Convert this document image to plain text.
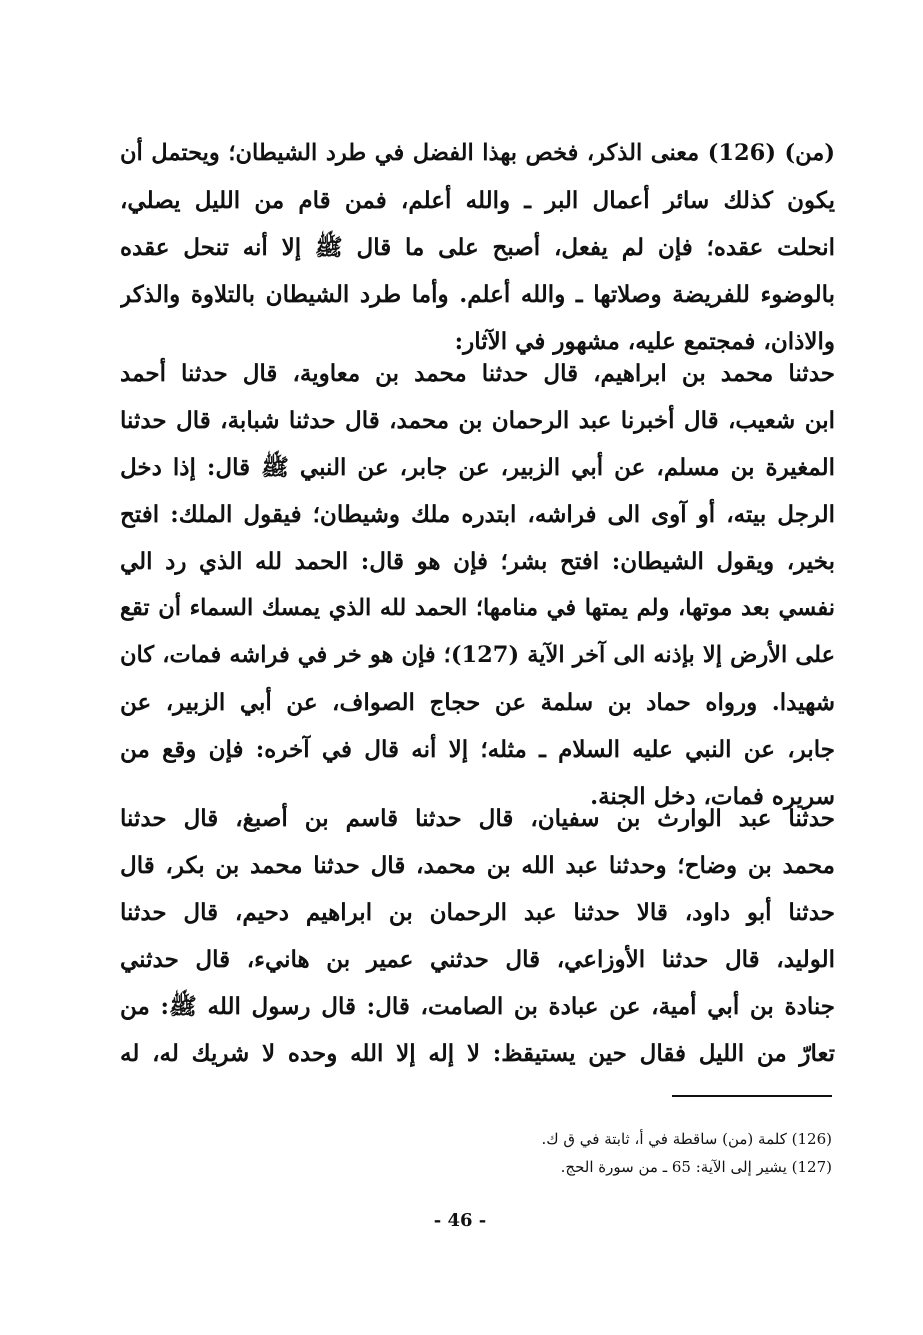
(من) (126) معنى الذكر، فخص بهذا الفضل في طرد الشيطان؛ ويحتمل أن
يكون كذلك سائر أعمال البر ـ والله أعلم، فمن قام من الليل يصلي،
انحلت عقده؛ فإن لم يفعل، أصبح على ما قال ﷺ إلا أنه تنحل عقده
بالوضوء للفريضة وصلاتها ـ والله أعلم. وأما طرد الشيطان بالتلاوة والذكر
والاذان، فمجتمع عليه، مشهور في الآثار:
حدثنا محمد بن ابراهيم، قال حدثنا محمد بن معاوية، قال حدثنا أحمد
ابن شعيب، قال أخبرنا عبد الرحمان بن محمد، قال حدثنا شبابة، قال حدثنا
المغيرة بن مسلم، عن أبي الزبير، عن جابر، عن النبي ﷺ قال: إذا دخل
الرجل بيته، أو آوى الى فراشه، ابتدره ملك وشيطان؛ فيقول الملك: افتح
بخير، ويقول الشيطان: افتح بشر؛ فإن هو قال: الحمد لله الذي رد الي
نفسي بعد موتها، ولم يمتها في منامها؛ الحمد لله الذي يمسك السماء أن تقع
على الأرض إلا بإذنه الى آخر الآية (127)؛ فإن هو خر في فراشه فمات، كان
شهيدا. ورواه حماد بن سلمة عن حجاج الصواف، عن أبي الزبير، عن
جابر، عن النبي عليه السلام ـ مثله؛ إلا أنه قال في آخره: فإن وقع من
سريره فمات، دخل الجنة.
حدثنا عبد الوارث بن سفيان، قال حدثنا قاسم بن أصبغ، قال حدثنا
محمد بن وضاح؛ وحدثنا عبد الله بن محمد، قال حدثنا محمد بن بكر، قال
حدثنا أبو داود، قالا حدثنا عبد الرحمان بن ابراهيم دحيم، قال حدثنا
الوليد، قال حدثنا الأوزاعي، قال حدثني عمير بن هانيء، قال حدثني
جنادة بن أبي أمية، عن عبادة بن الصامت، قال: قال رسول الله ﷺ: من
تعارّ من الليل فقال حين يستيقظ: لا إله إلا الله وحده لا شريك له، له
(126) كلمة (من) ساقطة في أ، ثابتة في ق ك.
(127) يشير إلى الآية: 65 ـ من سورة الحج.
- 46 -
